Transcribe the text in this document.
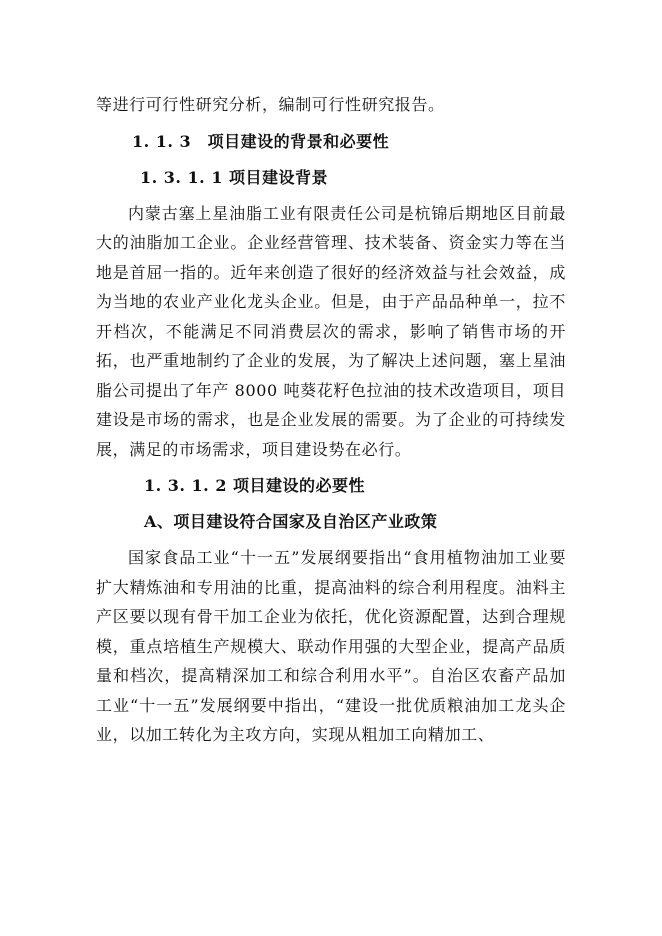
等进行可行性研究分析，编制可行性研究报告。

1. 1. 3　项目建设的背景和必要性
1. 3. 1. 1 项目建设背景

内蒙古塞上星油脂工业有限责任公司是杭锦后期地区目前最大的油脂加工企业。企业经营管理、技术装备、资金实力等在当地是首屈一指的。近年来创造了很好的经济效益与社会效益，成为当地的农业产业化龙头企业。但是，由于产品品种单一，拉不开档次，不能满足不同消费层次的需求，影响了销售市场的开拓，也严重地制约了企业的发展，为了解决上述问题，塞上星油脂公司提出了年产 8000 吨葵花籽色拉油的技术改造项目，项目建设是市场的需求，也是企业发展的需要。为了企业的可持续发展，满足的市场需求，项目建设势在必行。

1. 3. 1. 2 项目建设的必要性
A、项目建设符合国家及自治区产业政策

国家食品工业“十一五”发展纲要指出“食用植物油加工业要扩大精炼油和专用油的比重，提高油料的综合利用程度。油料主产区要以现有骨干加工企业为依托，优化资源配置，达到合理规模，重点培植生产规模大、联动作用强的大型企业，提高产品质量和档次，提高精深加工和综合利用水平”。自治区农畜产品加工业“十一五”发展纲要中指出，“建设一批优质粮油加工龙头企业，以加工转化为主攻方向，实现从粗加工向精加工、
